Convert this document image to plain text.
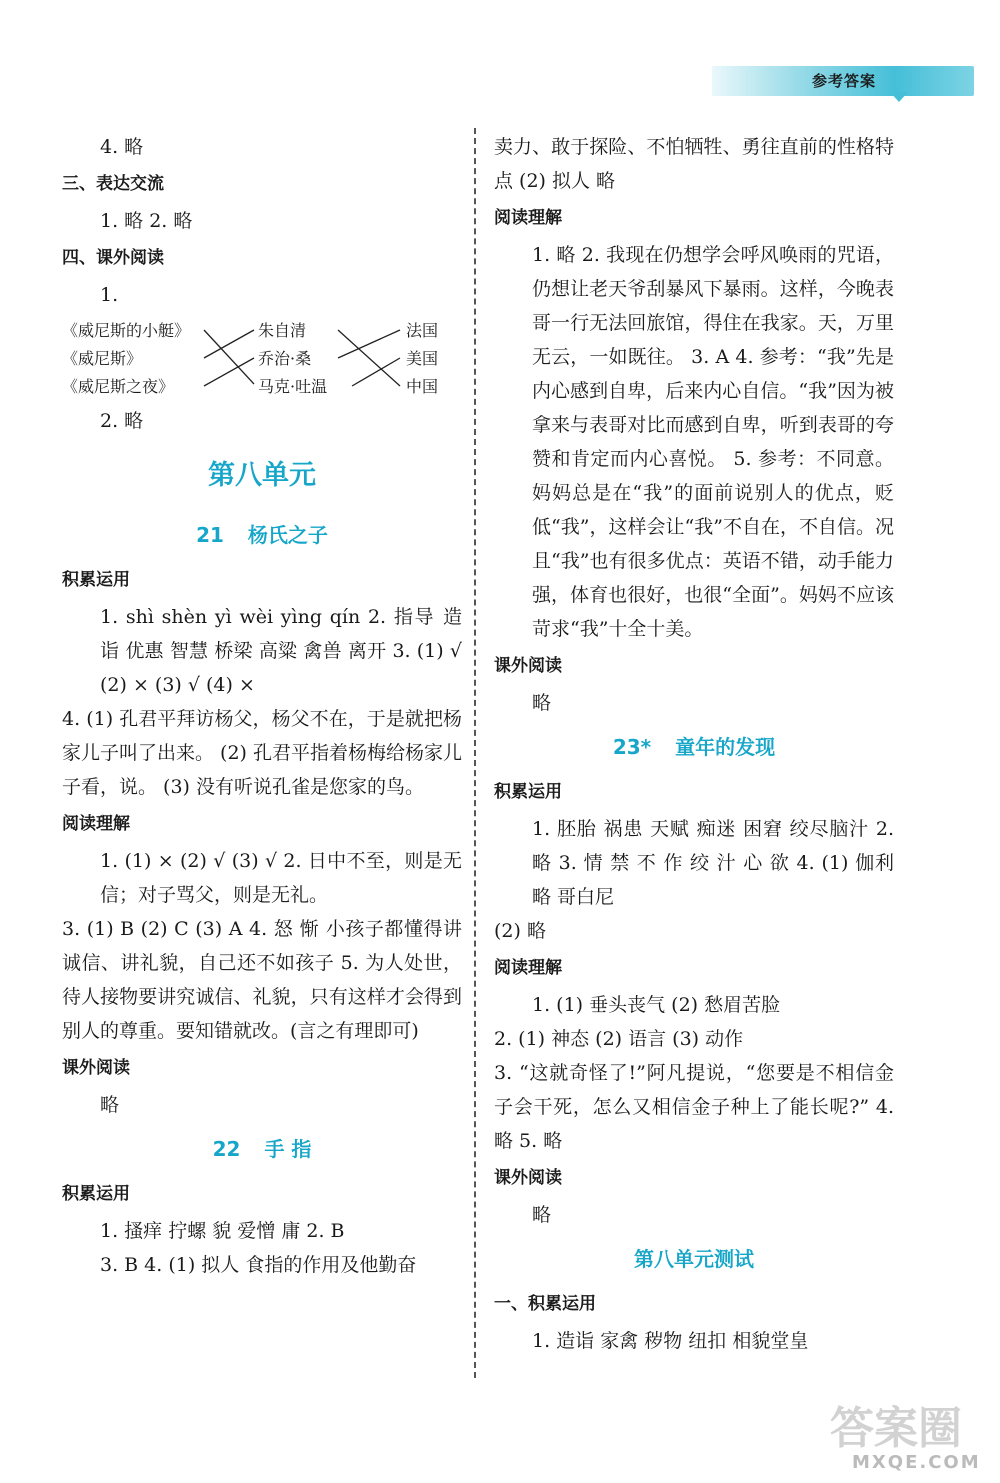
参考答案

4. 略

三、表达交流

1. 略 2. 略

四、课外阅读

1.

《威尼斯的小艇》
《威尼斯》
《威尼斯之夜》
朱自清
乔治·桑
马克·吐温
法国
美国
中国

2. 略

第八单元
21 杨氏之子

积累运用

1. shì shèn yì wèi yìng qín 2. 指导 造诣 优惠 智慧 桥梁 高粱 禽兽 离开 3. (1) √ (2) × (3) √ (4) ×

4. (1) 孔君平拜访杨父，杨父不在，于是就把杨家儿子叫了出来。 (2) 孔君平指着杨梅给杨家儿子看，说。 (3) 没有听说孔雀是您家的鸟。

阅读理解

1. (1) × (2) √ (3) √ 2. 日中不至，则是无信；对子骂父，则是无礼。

3. (1) B (2) C (3) A 4. 怒 惭 小孩子都懂得讲诚信、讲礼貌，自己还不如孩子 5. 为人处世，待人接物要讲究诚信、礼貌，只有这样才会得到别人的尊重。要知错就改。(言之有理即可)

课外阅读

略

22 手 指

积累运用

1. 搔痒 拧螺 貌 爱憎 庸 2. B

3. B 4. (1) 拟人 食指的作用及他勤奋

卖力、敢于探险、不怕牺牲、勇往直前的性格特点 (2) 拟人 略

阅读理解

1. 略 2. 我现在仍想学会呼风唤雨的咒语，仍想让老天爷刮暴风下暴雨。这样，今晚表哥一行无法回旅馆，得住在我家。天，万里无云，一如既往。 3. A 4. 参考：“我”先是内心感到自卑，后来内心自信。“我”因为被拿来与表哥对比而感到自卑，听到表哥的夸赞和肯定而内心喜悦。 5. 参考：不同意。妈妈总是在“我”的面前说别人的优点，贬低“我”，这样会让“我”不自在，不自信。况且“我”也有很多优点：英语不错，动手能力强，体育也很好，也很“全面”。妈妈不应该苛求“我”十全十美。

课外阅读

略

23* 童年的发现

积累运用

1. 胚胎 祸患 天赋 痴迷 困窘 绞尽脑汁 2. 略 3. 情 禁 不 作 绞 汁 心 欲 4. (1) 伽利略 哥白尼

(2) 略

阅读理解

1. (1) 垂头丧气 (2) 愁眉苦脸

2. (1) 神态 (2) 语言 (3) 动作

3. “这就奇怪了!”阿凡提说，“您要是不相信金子会干死，怎么又相信金子种上了能长呢?” 4. 略 5. 略

课外阅读

略

第八单元测试

一、积累运用

1. 造诣 家禽 秽物 纽扣 相貌堂皇

答案圈
MXQE.COM
